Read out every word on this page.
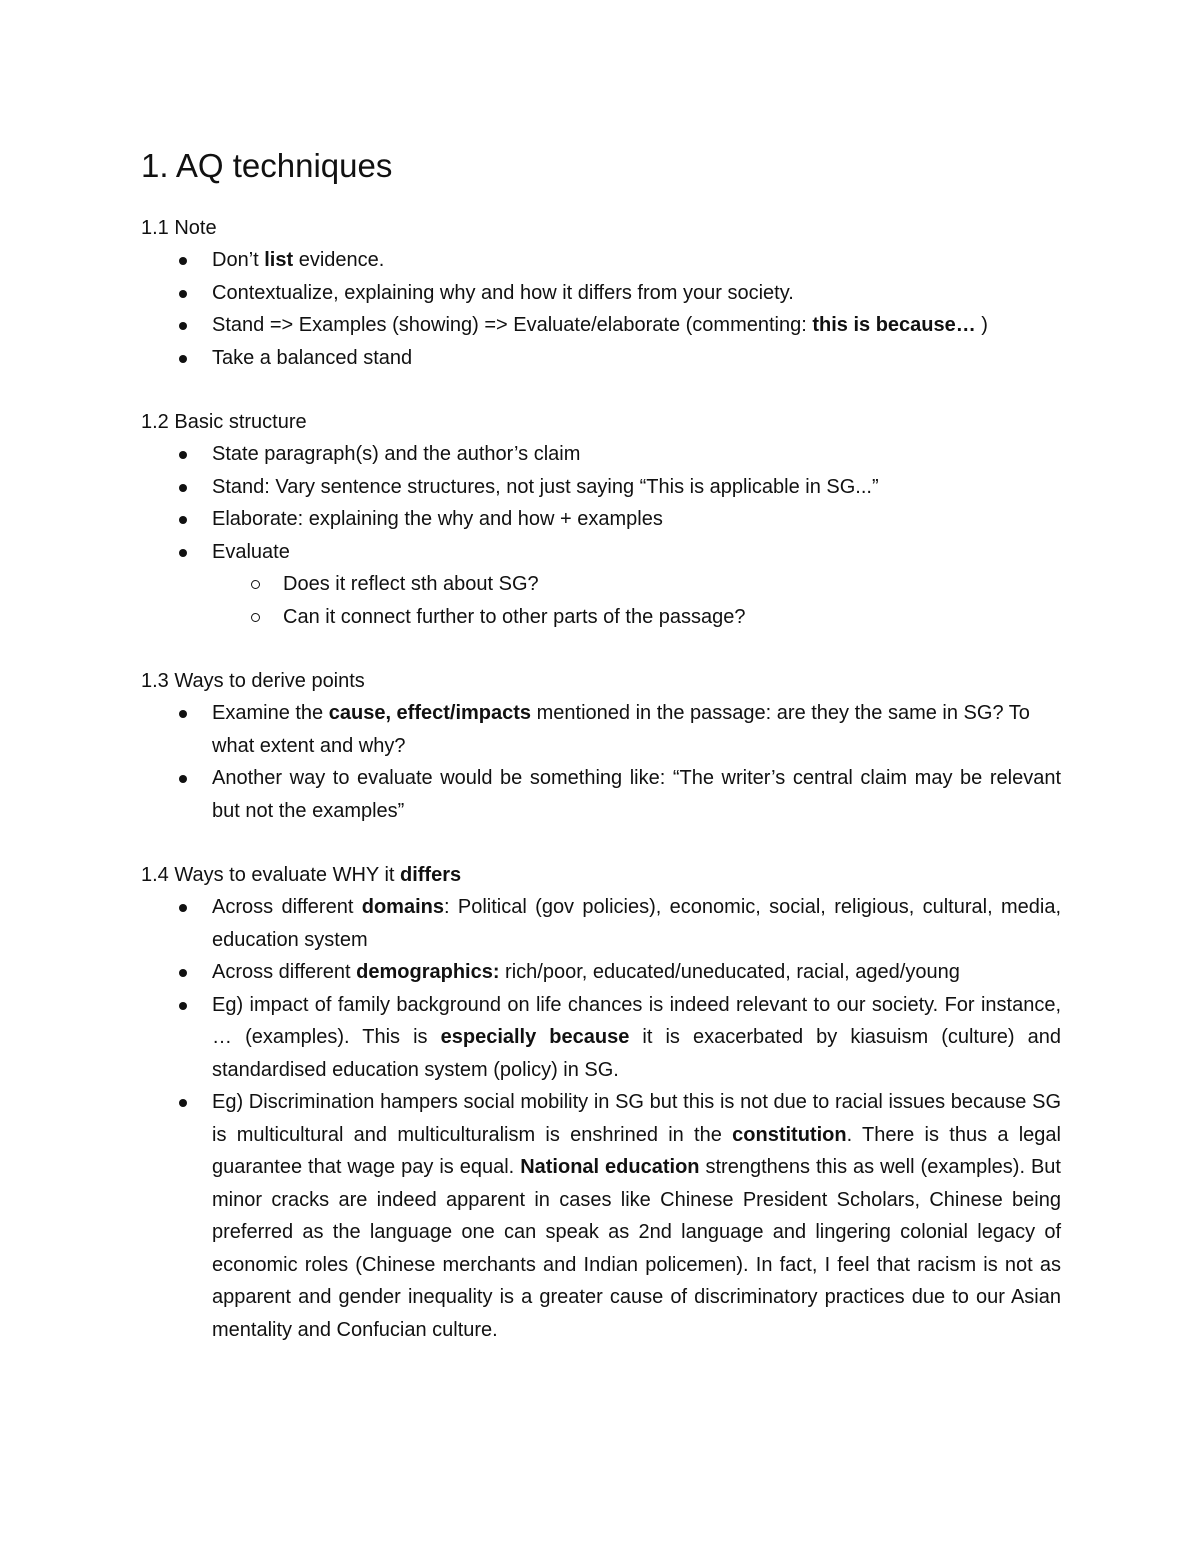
1. AQ techniques

1.1 Note

Don’t list evidence.
Contextualize, explaining why and how it differs from your society.
Stand => Examples (showing) => Evaluate/elaborate (commenting: this is because… )
Take a balanced stand

1.2 Basic structure

State paragraph(s) and the author’s claim
Stand: Vary sentence structures, not just saying “This is applicable in SG...”
Elaborate: explaining the why and how + examples
Evaluate
Does it reflect sth about SG?
Can it connect further to other parts of the passage?

1.3 Ways to derive points

Examine the cause, effect/impacts mentioned in the passage: are they the same in SG? To what extent and why?
Another way to evaluate would be something like: “The writer’s central claim may be relevant but not the examples”

1.4 Ways to evaluate WHY it differs

Across different domains: Political (gov policies), economic, social, religious, cultural, media, education system
Across different demographics: rich/poor, educated/uneducated, racial, aged/young
Eg) impact of family background on life chances is indeed relevant to our society. For instance, … (examples). This is especially because it is exacerbated by kiasuism (culture) and standardised education system (policy) in SG.
Eg) Discrimination hampers social mobility in SG but this is not due to racial issues because SG is multicultural and multiculturalism is enshrined in the constitution. There is thus a legal guarantee that wage pay is equal. National education strengthens this as well (examples). But minor cracks are indeed apparent in cases like Chinese President Scholars, Chinese being preferred as the language one can speak as 2nd language and lingering colonial legacy of economic roles (Chinese merchants and Indian policemen). In fact, I feel that racism is not as apparent and gender inequality is a greater cause of discriminatory practices due to our Asian mentality and Confucian culture.
